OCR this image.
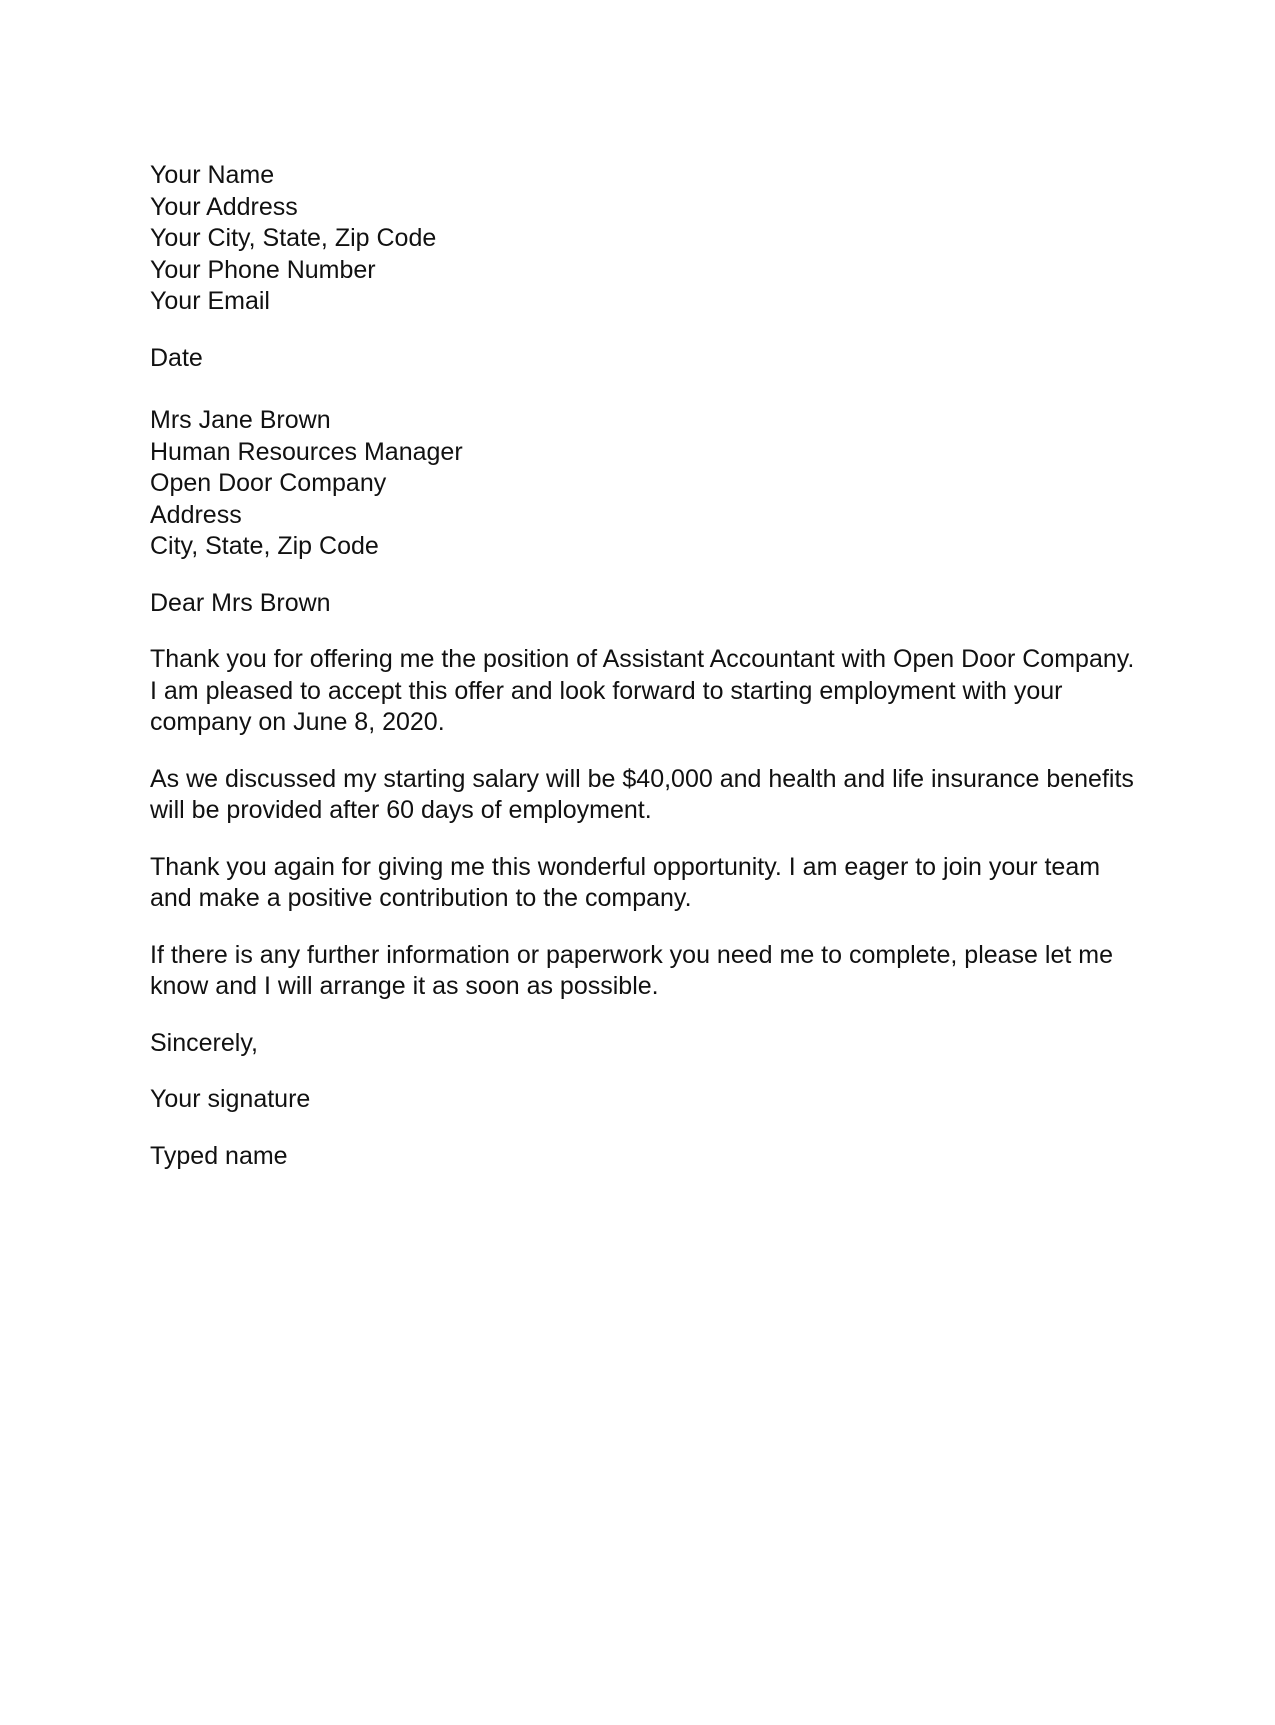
Your Name
Your Address
Your City, State, Zip Code
Your Phone Number
Your Email
Date
Mrs Jane Brown
Human Resources Manager
Open Door Company
Address
City, State, Zip Code
Dear Mrs Brown

Thank you for offering me the position of Assistant Accountant with Open Door Company. I am pleased to accept this offer and look forward to starting employment with your company on June 8, 2020.

As we discussed my starting salary will be $40,000 and health and life insurance benefits will be provided after 60 days of employment.

Thank you again for giving me this wonderful opportunity. I am eager to join your team and make a positive contribution to the company.

If there is any further information or paperwork you need me to complete, please let me know and I will arrange it as soon as possible.

Sincerely,
Your signature
Typed name
